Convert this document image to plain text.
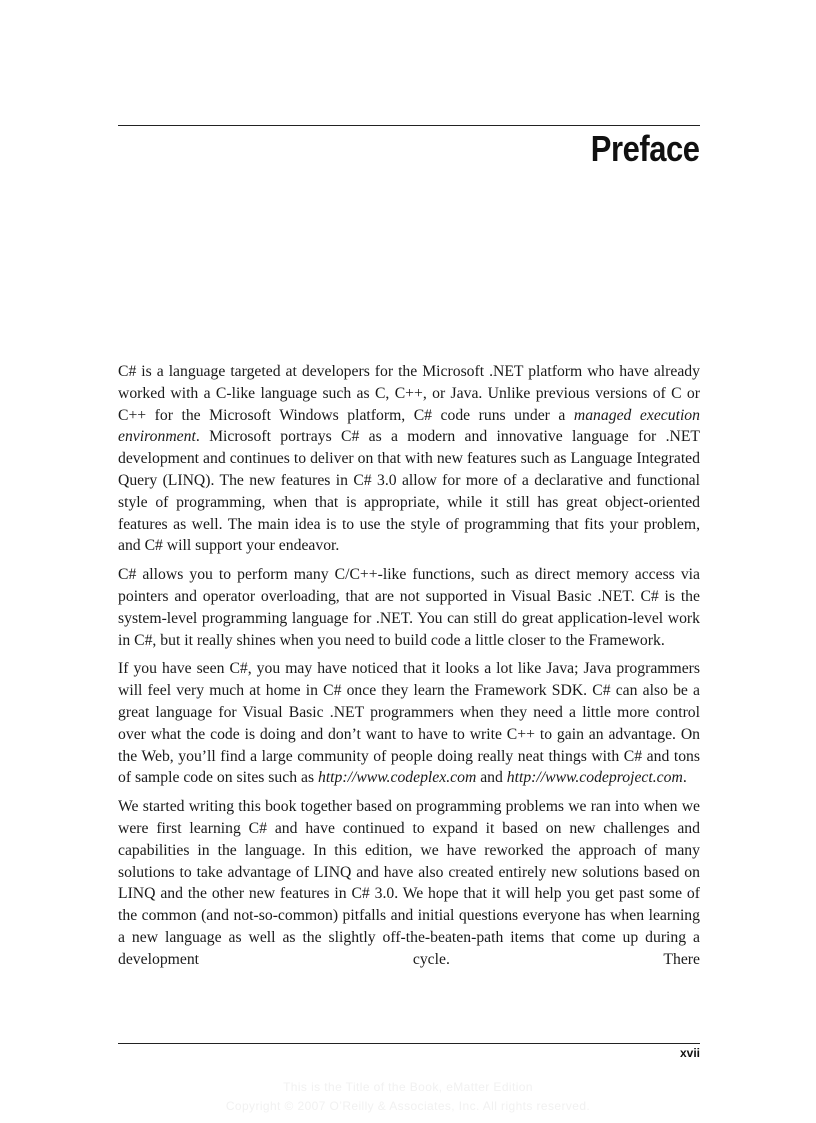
Preface

C# is a language targeted at developers for the Microsoft .NET platform who have already worked with a C-like language such as C, C++, or Java. Unlike previous versions of C or C++ for the Microsoft Windows platform, C# code runs under a managed execution environment. Microsoft portrays C# as a modern and innovative language for .NET development and continues to deliver on that with new features such as Language Integrated Query (LINQ). The new features in C# 3.0 allow for more of a declarative and functional style of programming, when that is appropriate, while it still has great object-oriented features as well. The main idea is to use the style of programming that fits your problem, and C# will support your endeavor.

C# allows you to perform many C/C++-like functions, such as direct memory access via pointers and operator overloading, that are not supported in Visual Basic .NET. C# is the system-level programming language for .NET. You can still do great application-level work in C#, but it really shines when you need to build code a little closer to the Framework.

If you have seen C#, you may have noticed that it looks a lot like Java; Java programmers will feel very much at home in C# once they learn the Framework SDK. C# can also be a great language for Visual Basic .NET programmers when they need a little more control over what the code is doing and don’t want to have to write C++ to gain an advantage. On the Web, you’ll find a large community of people doing really neat things with C# and tons of sample code on sites such as http://​www.codeplex.com and http://www.codeproject.com.

We started writing this book together based on programming problems we ran into when we were first learning C# and have continued to expand it based on new challenges and capabilities in the language. In this edition, we have reworked the approach of many solutions to take advantage of LINQ and have also created entirely new solutions based on LINQ and the other new features in C# 3.0. We hope that it will help you get past some of the common (and not-so-common) pitfalls and initial questions everyone has when learning a new language as well as the slightly off-the-beaten-path items that come up during a development cycle. There

xvii
This is the Title of the Book, eMatter Edition
Copyright © 2007 O’Reilly & Associates, Inc. All rights reserved.
